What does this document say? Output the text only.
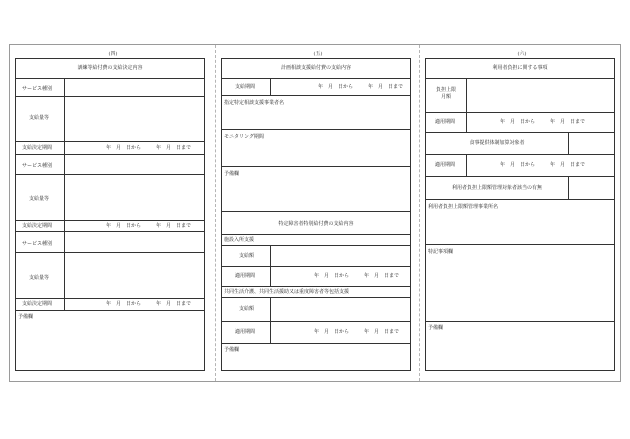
(四)	(五)	(六)
訓練等給付費の支給決定内容
サービス種別
支給量等
支給決定期間	年　月　日から　　　年　月　日まで
サービス種別
支給量等
支給決定期間	年　月　日から　　　年　月　日まで
サービス種別
支給量等
支給決定期間	年　月　日から　　　年　月　日まで
予備欄
計画相談支援給付費の支給内容
支給期間	年　月　日から　　　年　月　日まで
指定特定相談支援事業者名
モニタリング期間
予備欄
特定障害者特別給付費の支給内容
施設入所支援
支給額
適用期間	年　月　日から　　　年　月　日まで
共同生活介護、共同生活援助又は重度障害者等包括支援
支給額
適用期間	年　月　日から　　　年　月　日まで
予備欄
利用者負担に関する事項
負担上限
月額
適用期間	年　月　日から　　　年　月　日まで
食事提供体制加算対象者
適用期間	年　月　日から　　　年　月　日まで
利用者負担上限額管理対象者該当の有無
利用者負担上限額管理事業所名
特記事項欄
予備欄
